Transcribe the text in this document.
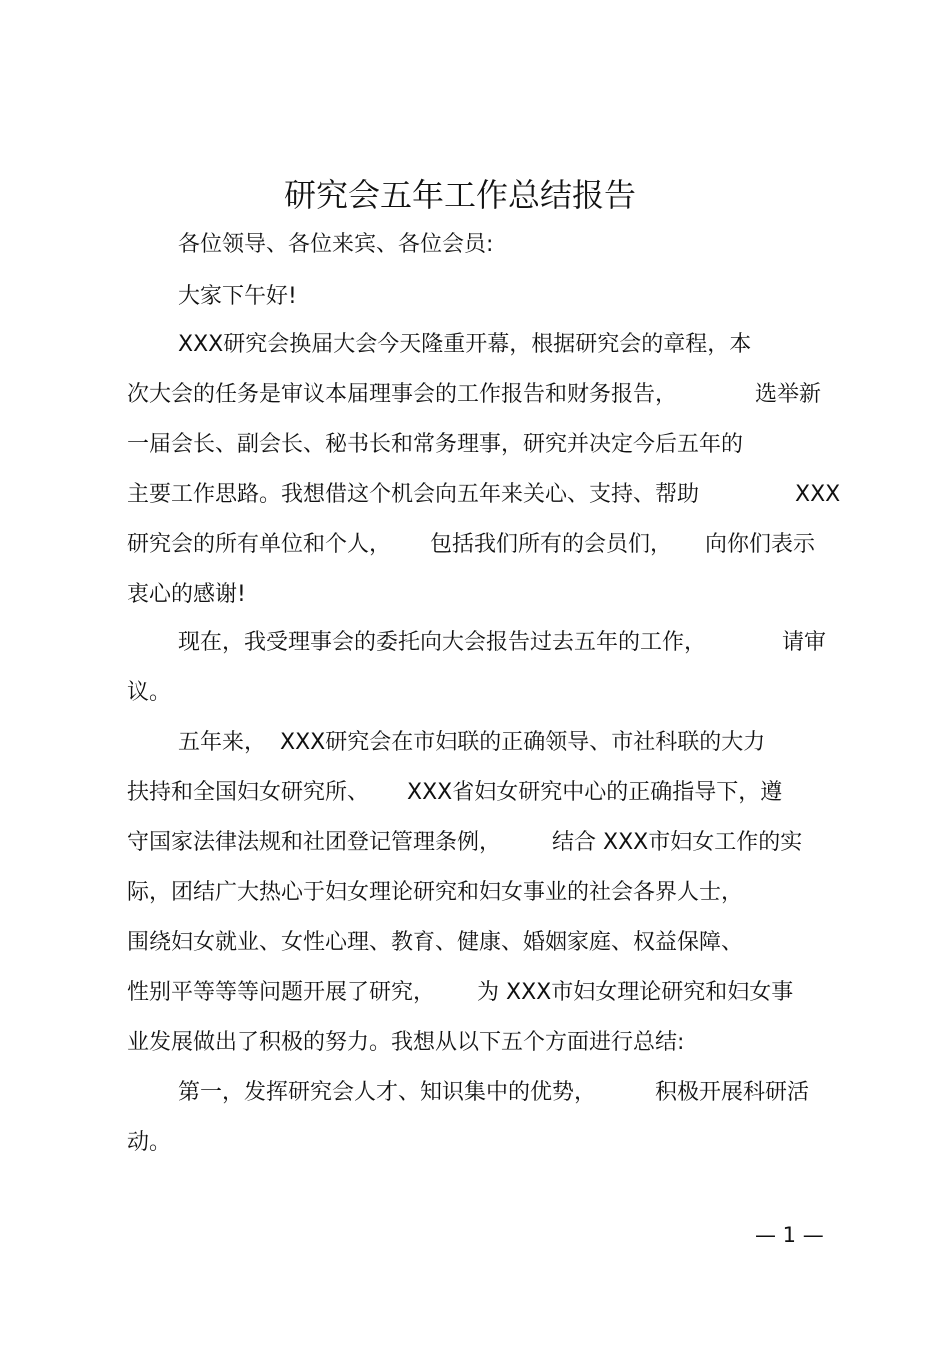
研究会五年工作总结报告
各位领导、各位来宾、各位会员:
大家下午好!
XXX研究会换届大会今天隆重开幕，根据研究会的章程，本
次大会的任务是审议本届理事会的工作报告和财务报告，	选举新
一届会长、副会长、秘书长和常务理事，研究并决定今后五年的
主要工作思路。我想借这个机会向五年来关心、支持、帮助	XXX
研究会的所有单位和个人， 包括我们所有的会员们， 向你们表示
衷心的感谢!
现在，我受理事会的委托向大会报告过去五年的工作，	请审
议。
五年来， XXX研究会在市妇联的正确领导、市社科联的大力
扶持和全国妇女研究所、 XXX省妇女研究中心的正确指导下，遵
守国家法律法规和社团登记管理条例， 结合 XXX市妇女工作的实
际，团结广大热心于妇女理论研究和妇女事业的社会各界人士，
围绕妇女就业、女性心理、教育、健康、婚姻家庭、权益保障、
性别平等等等问题开展了研究， 为 XXX市妇女理论研究和妇女事
业发展做出了积极的努力。我想从以下五个方面进行总结:
第一，发挥研究会人才、知识集中的优势，	积极开展科研活
动。
— 1 —
